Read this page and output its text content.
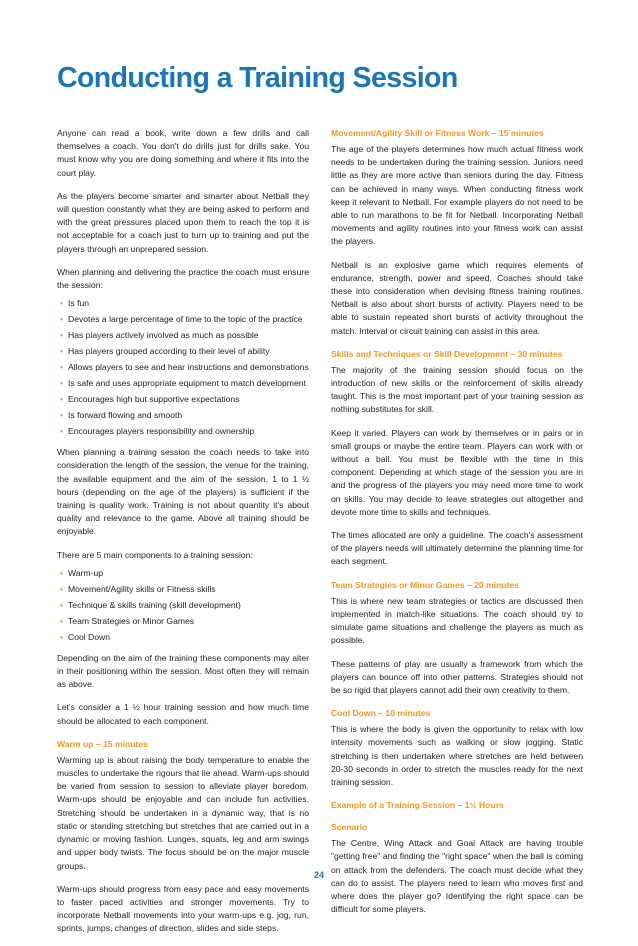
Conducting a Training Session

Anyone can read a book, write down a few drills and call themselves a coach. You don't do drills just for drills sake. You must know why you are doing something and where it fits into the court play.

As the players become smarter and smarter about Netball they will question constantly what they are being asked to perform and with the great pressures placed upon them to reach the top it is not acceptable for a coach just to turn up to training and put the players through an unprepared session.

When planning and delivering the practice the coach must ensure the session:

• Is fun
• Devotes a large percentage of time to the topic of the practice
• Has players actively involved as much as possible
• Has players grouped according to their level of ability
• Allows players to see and hear instructions and demonstrations
• Is safe and uses appropriate equipment to match development
• Encourages high but supportive expectations
• Is forward flowing and smooth
• Encourages players responsibility and ownership

When planning a training session the coach needs to take into consideration the length of the session, the venue for the training, the available equipment and the aim of the session. 1 to 1 ½ hours (depending on the age of the players) is sufficient if the training is quality work. Training is not about quantity it's about quality and relevance to the game. Above all training should be enjoyable.

There are 5 main components to a training session:

• Warm-up
• Movement/Agility skills or Fitness skills
• Technique & skills training (skill development)
• Team Strategies or Minor Games
• Cool Down

Depending on the aim of the training these components may alter in their positioning within the session. Most often they will remain as above.

Let's consider a 1 ½ hour training session and how much time should be allocated to each component.

Warm up – 15 minutes

Warming up is about raising the body temperature to enable the muscles to undertake the rigours that lie ahead. Warm-ups should be varied from session to session to alleviate player boredom. Warm-ups should be enjoyable and can include fun activities. Stretching should be undertaken in a dynamic way, that is no static or standing stretching but stretches that are carried out in a dynamic or moving fashion. Lunges, squats, leg and arm swings and upper body twists. The focus should be on the major muscle groups.

Warm-ups should progress from easy pace and easy movements to faster paced activities and stronger movements. Try to incorporate Netball movements into your warm-ups e.g. jog, run, sprints, jumps, changes of direction, slides and side steps.

Movement/Agility Skill or Fitness Work – 15 minutes

The age of the players determines how much actual fitness work needs to be undertaken during the training session. Juniors need little as they are more active than seniors during the day. Fitness can be achieved in many ways. When conducting fitness work keep it relevant to Netball. For example players do not need to be able to run marathons to be fit for Netball. Incorporating Netball movements and agility routines into your fitness work can assist the players.

Netball is an explosive game which requires elements of endurance, strength, power and speed. Coaches should take these into consideration when devising fitness training routines. Netball is also about short bursts of activity. Players need to be able to sustain repeated short bursts of activity throughout the match. Interval or circuit training can assist in this area.

Skills and Techniques or Skill Development – 30 minutes

The majority of the training session should focus on the introduction of new skills or the reinforcement of skills already taught. This is the most important part of your training session as nothing substitutes for skill.

Keep it varied. Players can work by themselves or in pairs or in small groups or maybe the entire team. Players can work with or without a ball. You must be flexible with the time in this component. Depending at which stage of the session you are in and the progress of the players you may need more time to work on skills. You may decide to leave strategies out altogether and devote more time to skills and techniques.

The times allocated are only a guideline. The coach's assessment of the players needs will ultimately determine the planning time for each segment.

Team Strategies or Minor Games – 20 minutes

This is where new team strategies or tactics are discussed then implemented in match-like situations. The coach should try to simulate game situations and challenge the players as much as possible.

These patterns of play are usually a framework from which the players can bounce off into other patterns. Strategies should not be so rigid that players cannot add their own creativity to them.

Cool Down – 10 minutes

This is where the body is given the opportunity to relax with low intensity movements such as walking or slow jogging. Static stretching is then undertaken where stretches are held between 20-30 seconds in order to stretch the muscles ready for the next training session.

Example of a Training Session – 1½ Hours
Scenario

The Centre, Wing Attack and Goal Attack are having trouble "getting free" and finding the "right space" when the ball is coming on attack from the defenders. The coach must decide what they can do to assist. The players need to learn who moves first and where does the player go? Identifying the right space can be difficult for some players.

24
